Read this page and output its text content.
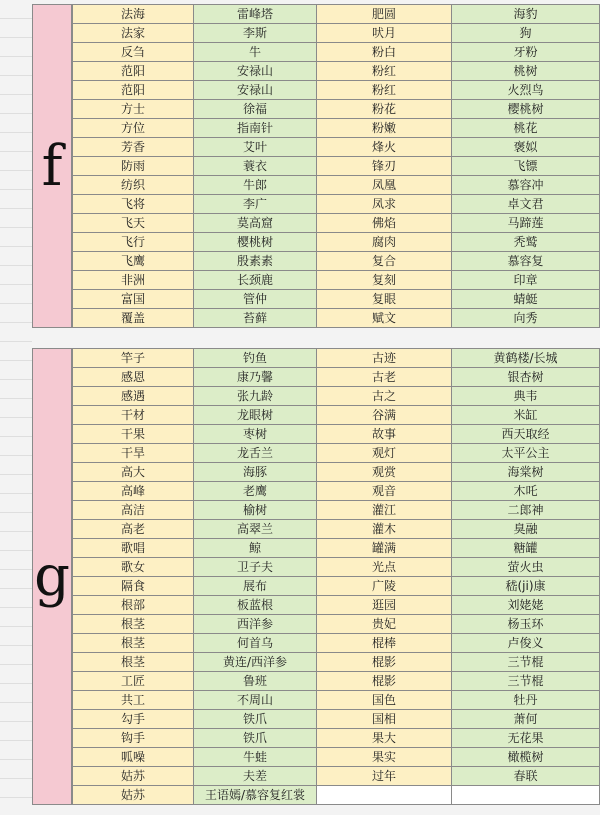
f
法海	雷峰塔	肥圆	海豹
法家	李斯	吠月	狗
反刍	牛	粉白	牙粉
范阳	安禄山	粉红	桃树
范阳	安禄山	粉红	火烈鸟
方士	徐福	粉花	樱桃树
方位	指南针	粉嫩	桃花
芳香	艾叶	烽火	褒姒
防雨	蓑衣	锋刃	飞镖
纺织	牛郎	凤凰	慕容冲
飞将	李广	凤求	卓文君
飞天	莫高窟	佛焰	马蹄莲
飞行	樱桃树	腐肉	秃鹫
飞鹰	殷素素	复合	慕容复
非洲	长颈鹿	复刻	印章
富国	管仲	复眼	蜻蜓
覆盖	苔藓	赋文	向秀
g
竿子	钓鱼	古迹	黄鹤楼/长城
感恩	康乃馨	古老	银杏树
感遇	张九龄	古之	典韦
干材	龙眼树	谷满	米缸
干果	枣树	故事	西天取经
干旱	龙舌兰	观灯	太平公主
高大	海豚	观赏	海棠树
高峰	老鹰	观音	木吒
高洁	榆树	灌江	二郎神
高老	高翠兰	灌木	臭融
歌唱	鲸	罐满	糖罐
歌女	卫子夫	光点	萤火虫
隔食	展布	广陵	嵇(ji)康
根部	板蓝根	逛园	刘姥姥
根茎	西洋参	贵妃	杨玉环
根茎	何首乌	棍棒	卢俊义
根茎	黄连/西洋参	棍影	三节棍
工匠	鲁班	棍影	三节棍
共工	不周山	国色	牡丹
勾手	铁爪	国相	萧何
钩手	铁爪	果大	无花果
呱噪	牛蛙	果实	橄榄树
姑苏	夫差	过年	春联
姑苏	王语嫣/慕容复红裳		
